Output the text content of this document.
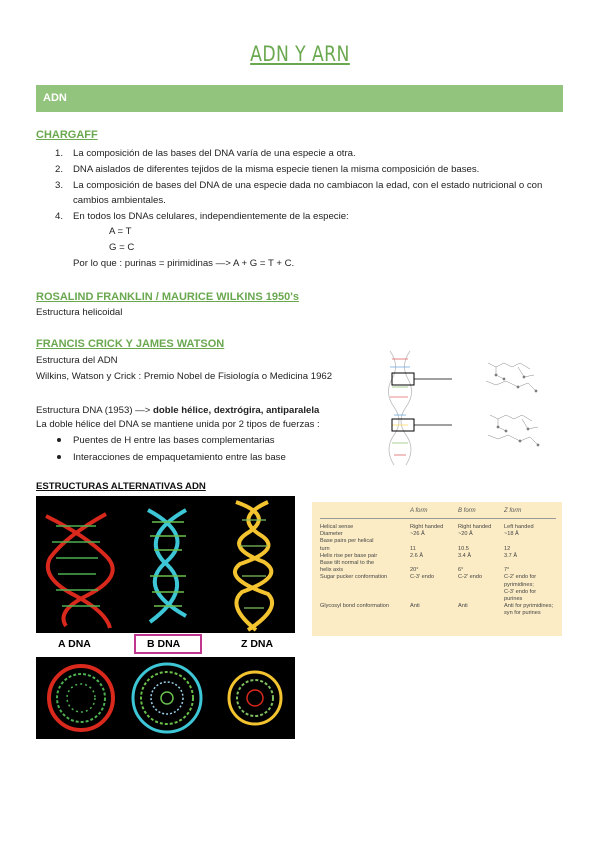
ADN Y ARN
ADN
CHARGAFF
1. La composición de las bases del DNA varía de una especie a otra.
2. DNA aislados de diferentes tejidos de la misma especie tienen la misma composición de bases.
3. La composición de bases del DNA de una especie dada no cambiacon la edad, con el estado nutricional o con
cambios ambientales.
4. En todos los DNAs celulares, independientemente de la especie:
A = T
G = C
Por lo que : purinas = pirimidinas —> A + G = T + C.
ROSALIND FRANKLIN / MAURICE WILKINS 1950's
Estructura helicoidal
FRANCIS CRICK Y JAMES WATSON
Estructura del ADN
Wilkins, Watson y Crick : Premio Nobel de Fisiología o Medicina 1962
Estructura DNA (1953) —> doble hélice, dextrógira, antiparalela
La doble hélice del DNA se mantiene unida por 2 tipos de fuerzas :
Puentes de H entre las bases complementarias
Interacciones de empaquetamiento entre las base
ESTRUCTURAS ALTERNATIVAS ADN
A DNA	B DNA	Z DNA
A form	B form	Z form
Helical sense	Right handed	Right handed Left handed
Diameter	~26 Å	~20 Å	~18 Å
Base pairs per helical
turn	11	10.5	12
Helix rise per base pair	2.6 Å	3.4 Å	3.7 Å
Base tilt normal to the
helix axis	20°	6°	7°
Sugar pucker conformation	C-3' endo	C-2' endo	C-2' endo for
pyrimidines;
C-3' endo for
purines
Glycosyl bond conformation	Anti	Anti	Anti for pyrimidines;
syn for purines
